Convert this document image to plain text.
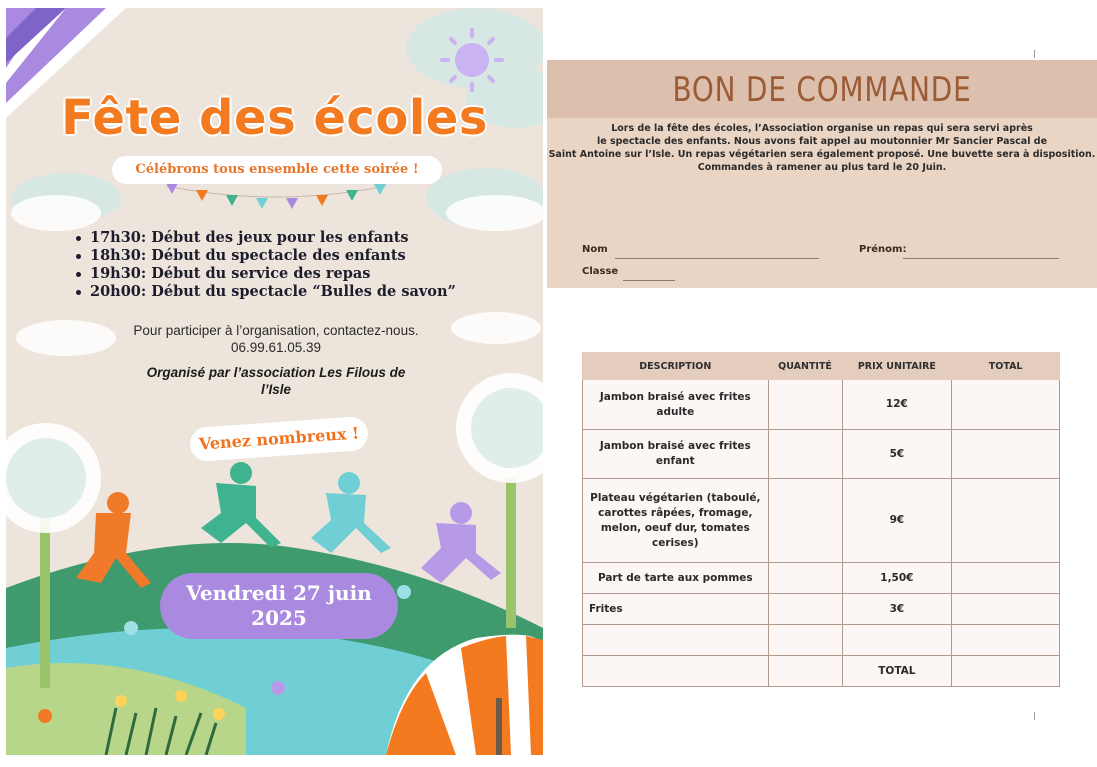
Fête des écoles
Célébrons tous ensemble cette soirée !
17h30: Début des jeux pour les enfants
18h30: Début du spectacle des enfants
19h30: Début du service des repas
20h00: Début du spectacle “Bulles de savon”
Pour participer à l’organisation, contactez-nous.
06.99.61.05.39
Organisé par l’association Les Filous de l’Isle
Venez nombreux !
Vendredi 27 juin
2025
BON DE COMMANDE
Lors de la fête des écoles, l’Association organise un repas qui sera servi après
le spectacle des enfants. Nous avons fait appel au moutonnier Mr Sancier Pascal de
Saint Antoine sur l’Isle. Un repas végétarien sera également proposé. Une buvette sera à disposition.
Commandes à ramener au plus tard le 20 Juin.
Nom	Prénom:
Classe
DESCRIPTION	QUANTITÉ	PRIX UNITAIRE	TOTAL
Jambon braisé avec frites adulte		12€	
Jambon braisé avec frites enfant		5€	
Plateau végétarien (taboulé, carottes râpées, fromage, melon, oeuf dur, tomates cerises)		9€	
Part de tarte aux pommes		1,50€	
Frites		3€	

		TOTAL	
